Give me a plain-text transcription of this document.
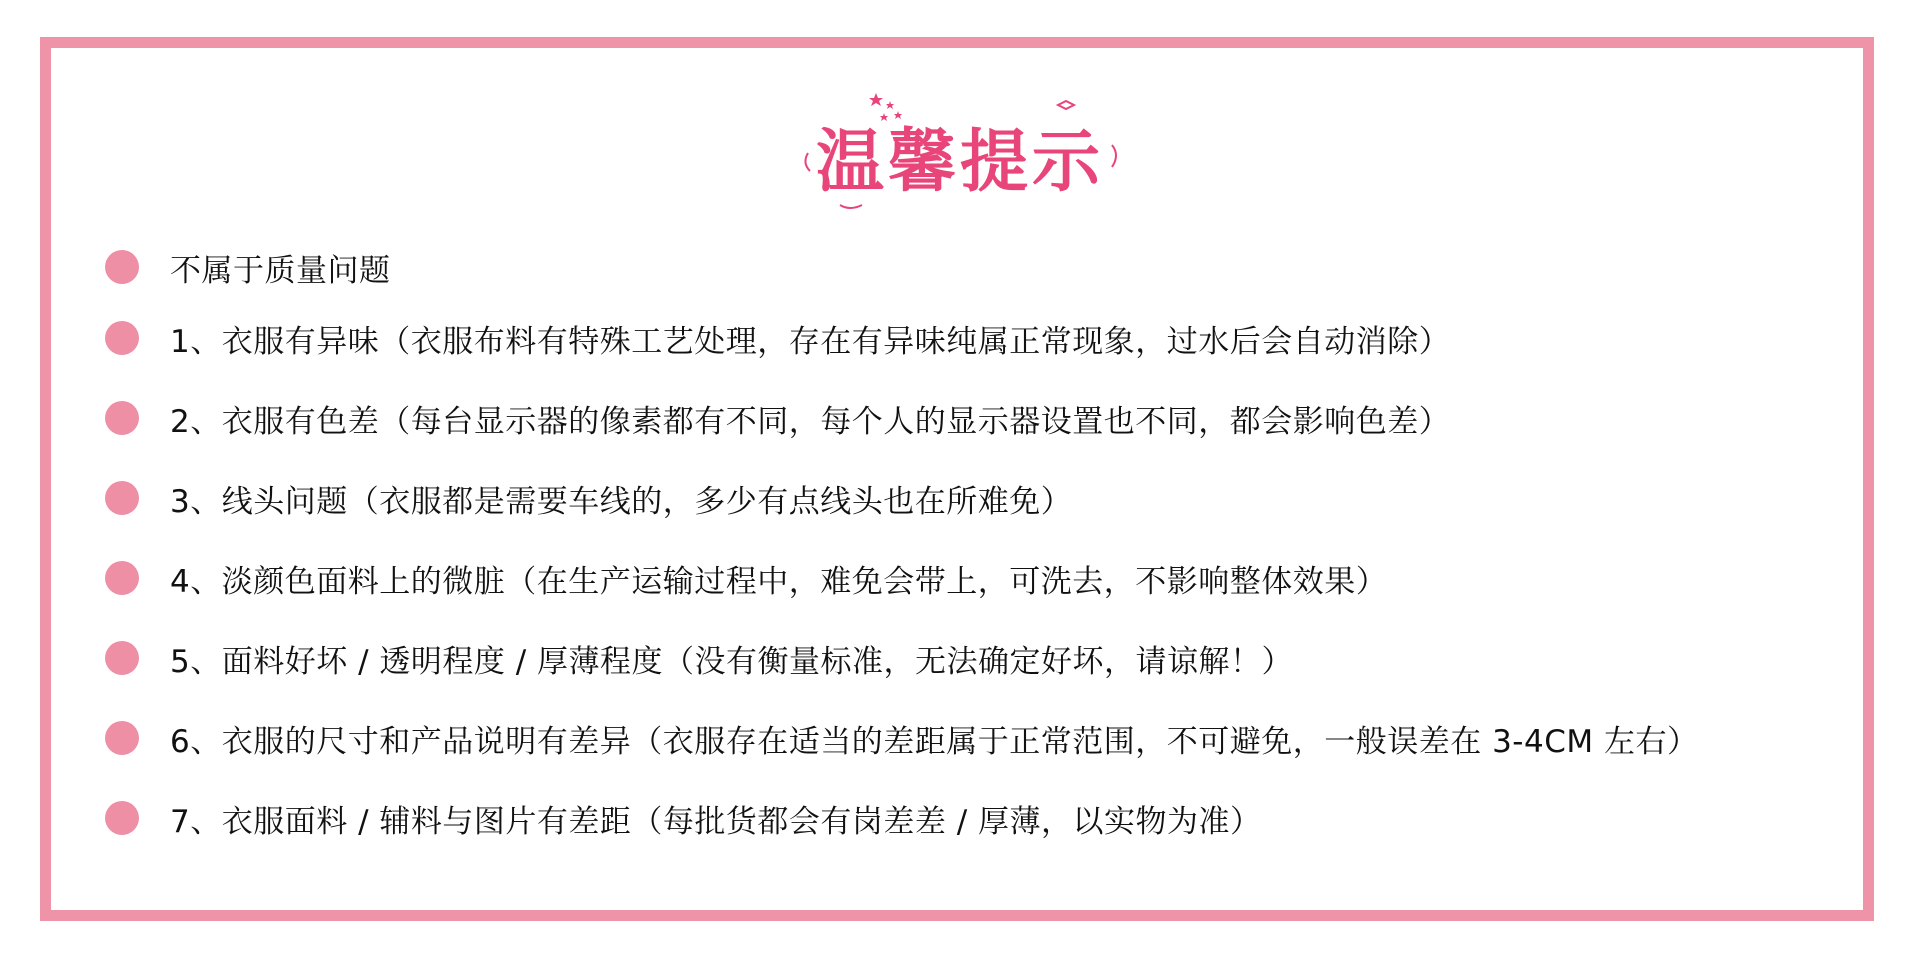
温馨提示
不属于质量问题
1、衣服有异味（衣服布料有特殊工艺处理，存在有异味纯属正常现象，过水后会自动消除）
2、衣服有色差（每台显示器的像素都有不同，每个人的显示器设置也不同，都会影响色差）
3、线头问题（衣服都是需要车线的，多少有点线头也在所难免）
4、淡颜色面料上的微脏（在生产运输过程中，难免会带上，可洗去，不影响整体效果）
5、面料好坏 / 透明程度 / 厚薄程度（没有衡量标准，无法确定好坏，请谅解！）
6、衣服的尺寸和产品说明有差异（衣服存在适当的差距属于正常范围，不可避免，一般误差在 3-4CM 左右）
7、衣服面料 / 辅料与图片有差距（每批货都会有岗差差 / 厚薄，以实物为准）
